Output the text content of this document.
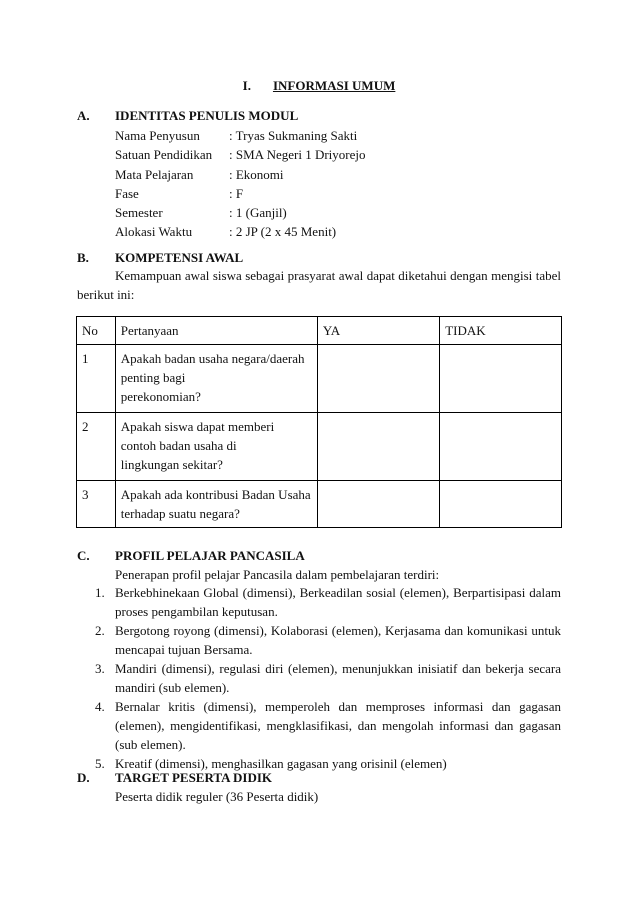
I. INFORMASI UMUM
A. IDENTITAS PENULIS MODUL
Nama Penyusun	: Tryas Sukmaning Sakti
Satuan Pendidikan	: SMA Negeri 1 Driyorejo
Mata Pelajaran	: Ekonomi
Fase	: F
Semester	: 1 (Ganjil)
Alokasi Waktu	: 2 JP (2 x 45 Menit)
B. KOMPETENSI AWAL
Kemampuan awal siswa sebagai prasyarat awal dapat diketahui dengan mengisi tabel berikut ini:
No	Pertanyaan	YA	TIDAK
1	Apakah badan usaha negara/daerah
penting bagi
perekonomian?		

2	Apakah siswa dapat memberi
contoh badan usaha di
lingkungan sekitar?		

3	Apakah ada kontribusi Badan Usaha
terhadap suatu negara?		

C. PROFIL PELAJAR PANCASILA
Penerapan profil pelajar Pancasila dalam pembelajaran terdiri:
1. Berkebhinekaan Global (dimensi), Berkeadilan sosial (elemen), Berpartisipasi dalam proses pengambilan keputusan.
2. Bergotong royong (dimensi), Kolaborasi (elemen), Kerjasama dan komunikasi untuk mencapai tujuan Bersama.
3. Mandiri (dimensi), regulasi diri (elemen), menunjukkan inisiatif dan bekerja secara mandiri (sub elemen).
4. Bernalar kritis (dimensi), memperoleh dan memproses informasi dan gagasan (elemen), mengidentifikasi, mengklasifikasi, dan mengolah informasi dan gagasan (sub elemen).
5. Kreatif (dimensi), menghasilkan gagasan yang orisinil (elemen)
D. TARGET PESERTA DIDIK
Peserta didik reguler (36 Peserta didik)
